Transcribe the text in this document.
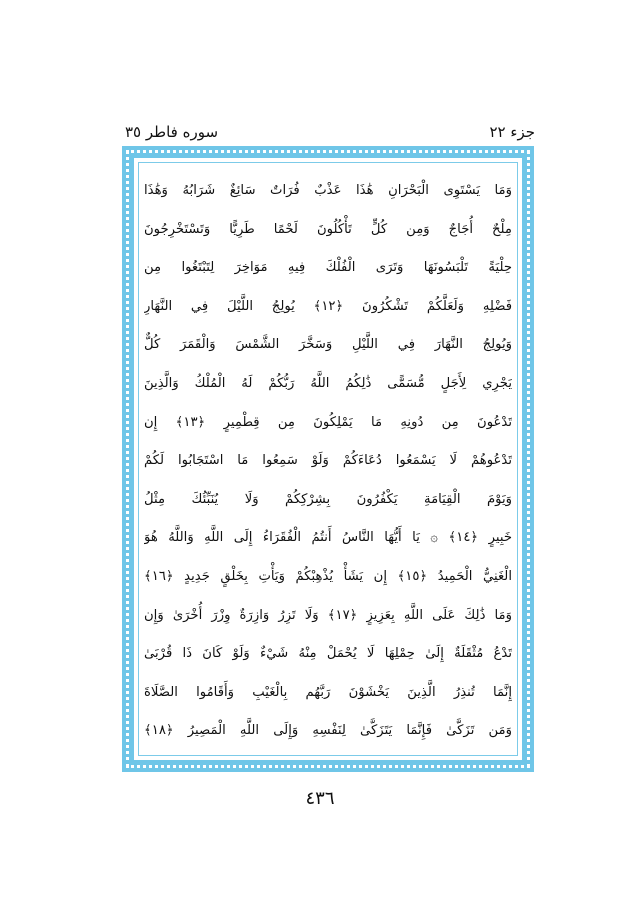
جزء ٢٢
سوره فاطر ٣٥
وَمَا يَسْتَوِى الْبَحْرَانِ هَٰذَا عَذْبٌ فُرَاتٌ سَائِغٌ شَرَابُهُ وَهَٰذَا
مِلْحٌ أُجَاجٌ وَمِن كُلٍّ تَأْكُلُونَ لَحْمًا طَرِيًّا وَتَسْتَخْرِجُونَ
حِلْيَةً تَلْبَسُونَهَا وَتَرَى الْفُلْكَ فِيهِ مَوَاخِرَ لِتَبْتَغُوا مِن
فَضْلِهِ وَلَعَلَّكُمْ تَشْكُرُونَ ﴿١٢﴾ يُولِجُ اللَّيْلَ فِي النَّهَارِ
وَيُولِجُ النَّهَارَ فِي اللَّيْلِ وَسَخَّرَ الشَّمْسَ وَالْقَمَرَ كُلٌّ
يَجْرِي لِأَجَلٍ مُّسَمًّى ذَٰلِكُمُ اللَّهُ رَبُّكُمْ لَهُ الْمُلْكُ وَالَّذِينَ
تَدْعُونَ مِن دُونِهِ مَا يَمْلِكُونَ مِن قِطْمِيرٍ ﴿١٣﴾ إِن
تَدْعُوهُمْ لَا يَسْمَعُوا دُعَاءَكُمْ وَلَوْ سَمِعُوا مَا اسْتَجَابُوا لَكُمْ
وَيَوْمَ الْقِيَامَةِ يَكْفُرُونَ بِشِرْكِكُمْ وَلَا يُنَبِّئُكَ مِثْلُ
خَبِيرٍ ﴿١٤﴾ ۞ يَا أَيُّهَا النَّاسُ أَنتُمُ الْفُقَرَاءُ إِلَى اللَّهِ وَاللَّهُ هُوَ
الْغَنِيُّ الْحَمِيدُ ﴿١٥﴾ إِن يَشَأْ يُذْهِبْكُمْ وَيَأْتِ بِخَلْقٍ جَدِيدٍ ﴿١٦﴾
وَمَا ذَٰلِكَ عَلَى اللَّهِ بِعَزِيزٍ ﴿١٧﴾ وَلَا تَزِرُ وَازِرَةٌ وِزْرَ أُخْرَىٰ وَإِن
تَدْعُ مُثْقَلَةٌ إِلَىٰ حِمْلِهَا لَا يُحْمَلْ مِنْهُ شَيْءٌ وَلَوْ كَانَ ذَا قُرْبَىٰ
إِنَّمَا تُنذِرُ الَّذِينَ يَخْشَوْنَ رَبَّهُم بِالْغَيْبِ وَأَقَامُوا الصَّلَاةَ
وَمَن تَزَكَّىٰ فَإِنَّمَا يَتَزَكَّىٰ لِنَفْسِهِ وَإِلَى اللَّهِ الْمَصِيرُ ﴿١٨﴾
٤٣٦
